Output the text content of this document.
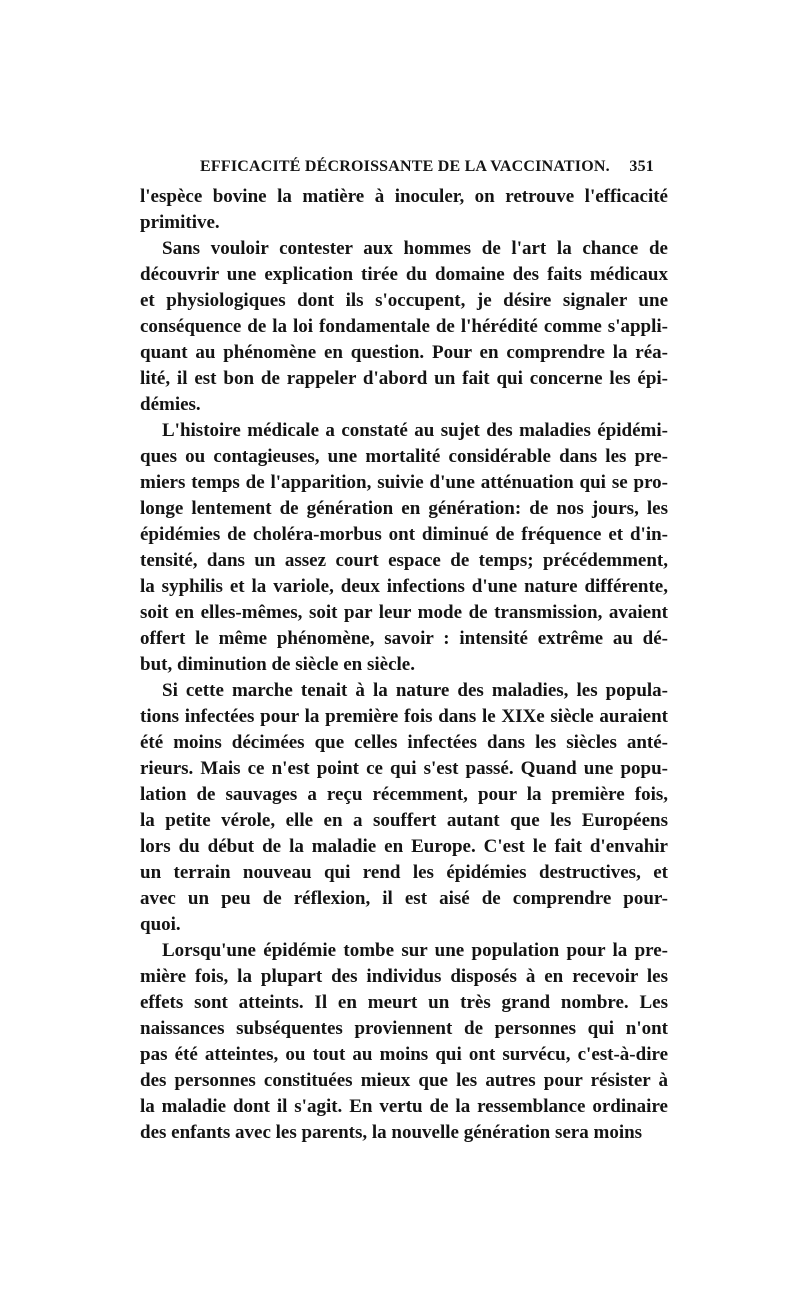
EFFICACITÉ DÉCROISSANTE DE LA VACCINATION. 351
l'espèce bovine la matière à inoculer, on retrouve l'efficacité
primitive.
Sans vouloir contester aux hommes de l'art la chance de
découvrir une explication tirée du domaine des faits médicaux
et physiologiques dont ils s'occupent, je désire signaler une
conséquence de la loi fondamentale de l'hérédité comme s'appli-
quant au phénomène en question. Pour en comprendre la réa-
lité, il est bon de rappeler d'abord un fait qui concerne les épi-
démies.
L'histoire médicale a constaté au sujet des maladies épidémi-
ques ou contagieuses, une mortalité considérable dans les pre-
miers temps de l'apparition, suivie d'une atténuation qui se pro-
longe lentement de génération en génération: de nos jours, les
épidémies de choléra-morbus ont diminué de fréquence et d'in-
tensité, dans un assez court espace de temps; précédemment,
la syphilis et la variole, deux infections d'une nature différente,
soit en elles-mêmes, soit par leur mode de transmission, avaient
offert le même phénomène, savoir : intensité extrême au dé-
but, diminution de siècle en siècle.
Si cette marche tenait à la nature des maladies, les popula-
tions infectées pour la première fois dans le XIXe siècle auraient
été moins décimées que celles infectées dans les siècles anté-
rieurs. Mais ce n'est point ce qui s'est passé. Quand une popu-
lation de sauvages a reçu récemment, pour la première fois,
la petite vérole, elle en a souffert autant que les Européens
lors du début de la maladie en Europe. C'est le fait d'envahir
un terrain nouveau qui rend les épidémies destructives, et
avec un peu de réflexion, il est aisé de comprendre pour-
quoi.
Lorsqu'une épidémie tombe sur une population pour la pre-
mière fois, la plupart des individus disposés à en recevoir les
effets sont atteints. Il en meurt un très grand nombre. Les
naissances subséquentes proviennent de personnes qui n'ont
pas été atteintes, ou tout au moins qui ont survécu, c'est-à-dire
des personnes constituées mieux que les autres pour résister à
la maladie dont il s'agit. En vertu de la ressemblance ordinaire
des enfants avec les parents, la nouvelle génération sera moins
